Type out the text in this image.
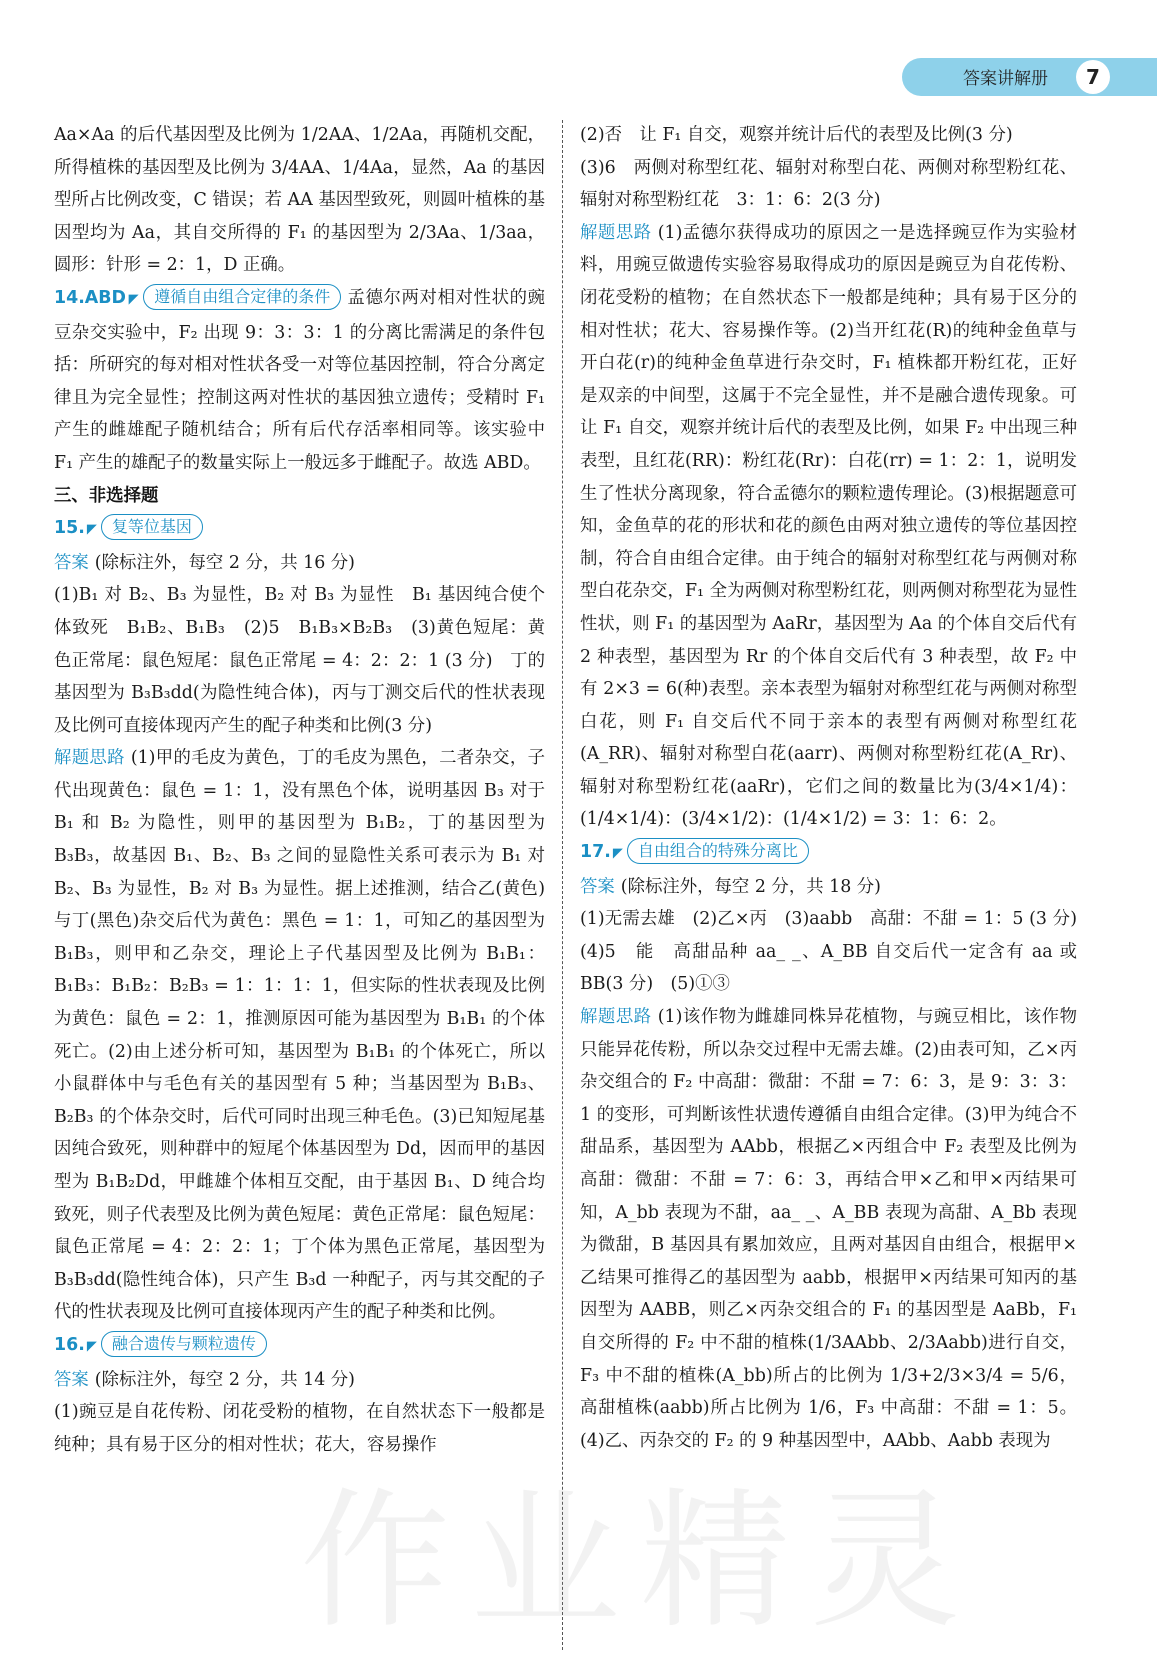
答案讲解册	7

Aa×Aa 的后代基因型及比例为 1/2AA、1/2Aa，再随机交配，所得植株的基因型及比例为 3/4AA、1/4Aa，显然，Aa 的基因型所占比例改变，C 错误；若 AA 基因型致死，则圆叶植株的基因型均为 Aa，其自交所得的 F₁ 的基因型为 2/3Aa、1/3aa，圆形：针形 = 2：1，D 正确。

14.ABD ◤ 遵循自由组合定律的条件 孟德尔两对相对性状的豌豆杂交实验中，F₂ 出现 9：3：3：1 的分离比需满足的条件包括：所研究的每对相对性状各受一对等位基因控制，符合分离定律且为完全显性；控制这两对性状的基因独立遗传；受精时 F₁ 产生的雌雄配子随机结合；所有后代存活率相同等。该实验中 F₁ 产生的雄配子的数量实际上一般远多于雌配子。故选 ABD。

三、非选择题

15. ◤ 复等位基因

答案 (除标注外，每空 2 分，共 16 分)

(1)B₁ 对 B₂、B₃ 为显性，B₂ 对 B₃ 为显性　B₁ 基因纯合使个体致死　B₁B₂、B₁B₃　(2)5　B₁B₃×B₂B₃　(3)黄色短尾：黄色正常尾：鼠色短尾：鼠色正常尾 = 4：2：2：1 (3 分)　丁的基因型为 B₃B₃dd(为隐性纯合体)，丙与丁测交后代的性状表现及比例可直接体现丙产生的配子种类和比例(3 分)

解题思路 (1)甲的毛皮为黄色，丁的毛皮为黑色，二者杂交，子代出现黄色：鼠色 = 1：1，没有黑色个体，说明基因 B₃ 对于 B₁ 和 B₂ 为隐性，则甲的基因型为 B₁B₂，丁的基因型为 B₃B₃，故基因 B₁、B₂、B₃ 之间的显隐性关系可表示为 B₁ 对 B₂、B₃ 为显性，B₂ 对 B₃ 为显性。据上述推测，结合乙(黄色)与丁(黑色)杂交后代为黄色：黑色 = 1：1，可知乙的基因型为 B₁B₃，则甲和乙杂交，理论上子代基因型及比例为 B₁B₁：B₁B₃：B₁B₂：B₂B₃ = 1：1：1：1，但实际的性状表现及比例为黄色：鼠色 = 2：1，推测原因可能为基因型为 B₁B₁ 的个体死亡。(2)由上述分析可知，基因型为 B₁B₁ 的个体死亡，所以小鼠群体中与毛色有关的基因型有 5 种；当基因型为 B₁B₃、B₂B₃ 的个体杂交时，后代可同时出现三种毛色。(3)已知短尾基因纯合致死，则种群中的短尾个体基因型为 Dd，因而甲的基因型为 B₁B₂Dd，甲雌雄个体相互交配，由于基因 B₁、D 纯合均致死，则子代表型及比例为黄色短尾：黄色正常尾：鼠色短尾：鼠色正常尾 = 4：2：2：1；丁个体为黑色正常尾，基因型为 B₃B₃dd(隐性纯合体)，只产生 B₃d 一种配子，丙与其交配的子代的性状表现及比例可直接体现丙产生的配子种类和比例。

16. ◤ 融合遗传与颗粒遗传

答案 (除标注外，每空 2 分，共 14 分)

(1)豌豆是自花传粉、闭花受粉的植物，在自然状态下一般都是纯种；具有易于区分的相对性状；花大，容易操作

(2)否　让 F₁ 自交，观察并统计后代的表型及比例(3 分)

(3)6　两侧对称型红花、辐射对称型白花、两侧对称型粉红花、辐射对称型粉红花　3：1：6：2(3 分)

解题思路 (1)孟德尔获得成功的原因之一是选择豌豆作为实验材料，用豌豆做遗传实验容易取得成功的原因是豌豆为自花传粉、闭花受粉的植物；在自然状态下一般都是纯种；具有易于区分的相对性状；花大、容易操作等。(2)当开红花(R)的纯种金鱼草与开白花(r)的纯种金鱼草进行杂交时，F₁ 植株都开粉红花，正好是双亲的中间型，这属于不完全显性，并不是融合遗传现象。可让 F₁ 自交，观察并统计后代的表型及比例，如果 F₂ 中出现三种表型，且红花(RR)：粉红花(Rr)：白花(rr) = 1：2：1，说明发生了性状分离现象，符合孟德尔的颗粒遗传理论。(3)根据题意可知，金鱼草的花的形状和花的颜色由两对独立遗传的等位基因控制，符合自由组合定律。由于纯合的辐射对称型红花与两侧对称型白花杂交，F₁ 全为两侧对称型粉红花，则两侧对称型花为显性性状，则 F₁ 的基因型为 AaRr，基因型为 Aa 的个体自交后代有 2 种表型，基因型为 Rr 的个体自交后代有 3 种表型，故 F₂ 中有 2×3 = 6(种)表型。亲本表型为辐射对称型红花与两侧对称型白花，则 F₁ 自交后代不同于亲本的表型有两侧对称型红花(A_RR)、辐射对称型白花(aarr)、两侧对称型粉红花(A_Rr)、辐射对称型粉红花(aaRr)，它们之间的数量比为(3/4×1/4)：(1/4×1/4)：(3/4×1/2)：(1/4×1/2) = 3：1：6：2。

17. ◤ 自由组合的特殊分离比

答案 (除标注外，每空 2 分，共 18 分)

(1)无需去雄　(2)乙×丙　(3)aabb　高甜：不甜 = 1：5 (3 分)　(4)5　能　高甜品种 aa_ _、A_BB 自交后代一定含有 aa 或 BB(3 分)　(5)①③

解题思路 (1)该作物为雌雄同株异花植物，与豌豆相比，该作物只能异花传粉，所以杂交过程中无需去雄。(2)由表可知，乙×丙杂交组合的 F₂ 中高甜：微甜：不甜 = 7：6：3，是 9：3：3：1 的变形，可判断该性状遗传遵循自由组合定律。(3)甲为纯合不甜品系，基因型为 AAbb，根据乙×丙组合中 F₂ 表型及比例为高甜：微甜：不甜 = 7：6：3，再结合甲×乙和甲×丙结果可知，A_bb 表现为不甜，aa_ _、A_BB 表现为高甜、A_Bb 表现为微甜，B 基因具有累加效应，且两对基因自由组合，根据甲×乙结果可推得乙的基因型为 aabb，根据甲×丙结果可知丙的基因型为 AABB，则乙×丙杂交组合的 F₁ 的基因型是 AaBb，F₁ 自交所得的 F₂ 中不甜的植株(1/3AAbb、2/3Aabb)进行自交，F₃ 中不甜的植株(A_bb)所占的比例为 1/3+2/3×3/4 = 5/6，高甜植株(aabb)所占比例为 1/6，F₃ 中高甜：不甜 = 1：5。(4)乙、丙杂交的 F₂ 的 9 种基因型中，AAbb、Aabb 表现为

作业精灵
